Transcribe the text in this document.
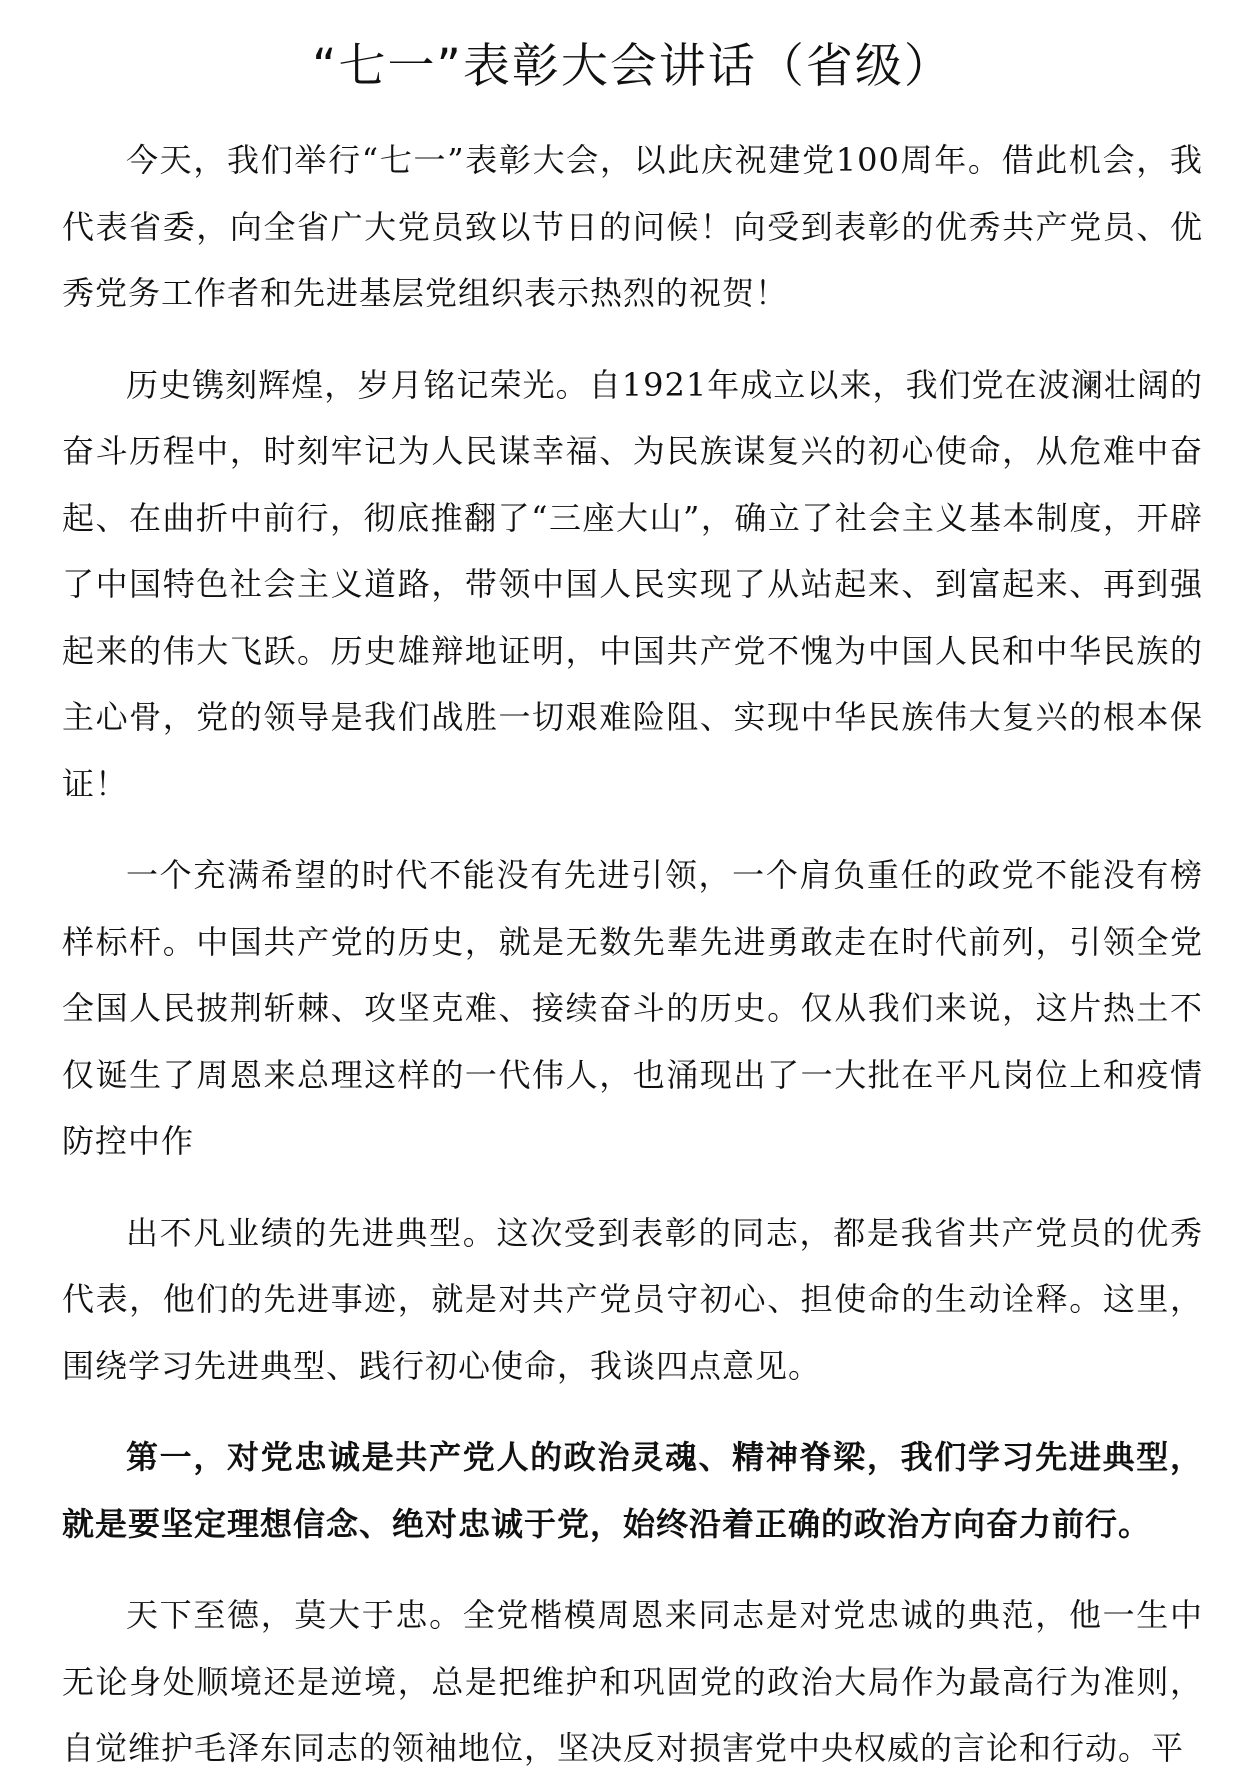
“七一”表彰大会讲话（省级）

今天，我们举行“七一”表彰大会，以此庆祝建党100周年。借此机会，我代表省委，向全省广大党员致以节日的问候！向受到表彰的优秀共产党员、优秀党务工作者和先进基层党组织表示热烈的祝贺！

历史镌刻辉煌，岁月铭记荣光。自1921年成立以来，我们党在波澜壮阔的奋斗历程中，时刻牢记为人民谋幸福、为民族谋复兴的初心使命，从危难中奋起、在曲折中前行，彻底推翻了“三座大山”，确立了社会主义基本制度，开辟了中国特色社会主义道路，带领中国人民实现了从站起来、到富起来、再到强起来的伟大飞跃。历史雄辩地证明，中国共产党不愧为中国人民和中华民族的主心骨，党的领导是我们战胜一切艰难险阻、实现中华民族伟大复兴的根本保证！

一个充满希望的时代不能没有先进引领，一个肩负重任的政党不能没有榜样标杆。中国共产党的历史，就是无数先辈先进勇敢走在时代前列，引领全党全国人民披荆斩棘、攻坚克难、接续奋斗的历史。仅从我们来说，这片热土不仅诞生了周恩来总理这样的一代伟人，也涌现出了一大批在平凡岗位上和疫情防控中作

出不凡业绩的先进典型。这次受到表彰的同志，都是我省共产党员的优秀代表，他们的先进事迹，就是对共产党员守初心、担使命的生动诠释。这里，围绕学习先进典型、践行初心使命，我谈四点意见。

第一，对党忠诚是共产党人的政治灵魂、精神脊梁，我们学习先进典型，就是要坚定理想信念、绝对忠诚于党，始终沿着正确的政治方向奋力前行。

天下至德，莫大于忠。全党楷模周恩来同志是对党忠诚的典范，他一生中无论身处顺境还是逆境，总是把维护和巩固党的政治大局作为最高行为准则，自觉维护毛泽东同志的领袖地位，坚决反对损害党中央权威的言论和行动。平
